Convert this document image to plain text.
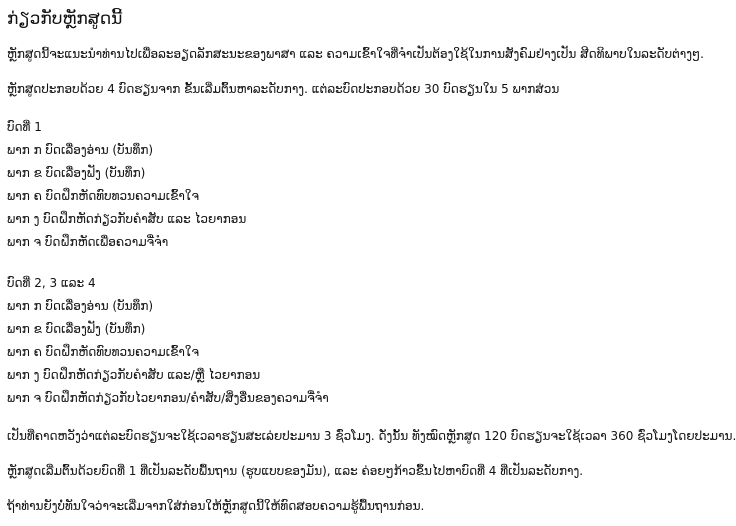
ກ່ຽວກັບຫຼັກສູດນີ້

ຫຼັກສູດນີ້ຈະແນະນຳທ່ານໄປເພື່ອລະອຽດລັກສະນະຂອງພາສາ ແລະ ຄວາມເຂົ້າໃຈທີ່ຈຳເປັນຕ້ອງໃຊ້ໃນການສັງຄົມຢ່າງເປັນ ສີດທິພາບໃນລະດັບຕ່າງໆ.

ຫຼັກສູດປະກອບດ້ວຍ 4 ບົດຮຽນຈາກ ຂັ້ນເລີ່ມຕົ້ນຫາລະດັບກາງ. ແຕ່ລະບົດປະກອບດ້ວຍ 30 ບົດຮຽນໃນ 5 ພາກສ່ວນ

ບົດທີ່ 1

ພາກ ກ ບົດເລື່ອງອ່ານ (ບັນທຶກ)

ພາກ ຂ ບົດເລື່ອງຟັງ (ບັນທຶກ)

ພາກ ຄ ບົດຝຶກຫັດທົບທວນຄວາມເຂົ້າໃຈ

ພາກ ງ ບົດຝຶກຫັດກ່ຽວກັບຄຳສັບ ແລະ ໄວຍາກອນ

ພາກ ຈ ບົດຝຶກຫັດເພື່ອຄວາມຈື່ຈຳ

ບົດທີ່ 2, 3 ແລະ 4

ພາກ ກ ບົດເລື່ອງອ່ານ (ບັນທຶກ)

ພາກ ຂ ບົດເລື່ອງຟັງ (ບັນທຶກ)

ພາກ ຄ ບົດຝຶກຫັດທົບທວນຄວາມເຂົ້າໃຈ

ພາກ ງ ບົດຝຶກຫັດກ່ຽວກັບຄຳສັບ ແລະ/ຫຼື ໄວຍາກອນ

ພາກ ຈ ບົດຝຶກຫັດກ່ຽວກັບໄວຍາກອນ/ຄຳສັບ/ສິ່ງອື່ນຂອງຄວາມຈື່ຈຳ

ເປັນທີ່ຄາດຫວັງວ່າແຕ່ລະບົດຮຽນຈະໃຊ້ເວລາຮຽນສະເລ່ຍປະມານ 3 ຊົ່ວໂມງ. ດັ່ງນັ້ນ ທັງໝົດຫຼັກສູດ 120 ບົດຮຽນຈະໃຊ້ເວລາ 360 ຊົ່ວໂມງໂດຍປະມານ.

ຫຼັກສູດເລີ່ມຕົ້ນດ້ວຍບົດທີ່ 1 ທີ່ເປັນລະດັບພື້ນຖານ (ຮູບແບບຂອງມັນ), ແລະ ຄ່ອຍໆກ້າວຂຶ້ນໄປຫາບົດທີ່ 4 ທີ່ເປັນລະດັບກາງ.

ຖ້າທ່ານຍັງບໍ່ທັນໃຈວ່າຈະເລີ່ມຈາກໃສ່ກ່ອນໃຫ້ຫຼັກສູດນີ້ໃຫ້ທົດສອບຄວາມຮູ້ພື້ນຖານກ່ອນ.
